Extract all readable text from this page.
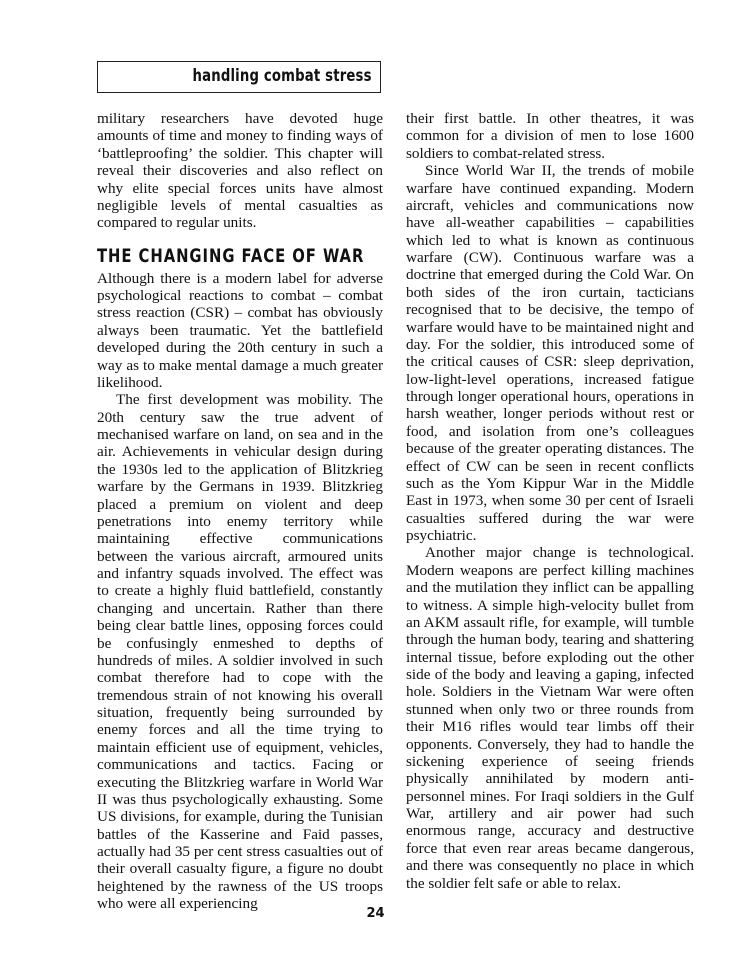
handling combat stress

military researchers have devoted huge amounts of time and money to finding ways of ‘battleproofing’ the soldier. This chapter will reveal their discoveries and also reflect on why elite special forces units have almost negligible levels of mental casualties as compared to regular units.

THE CHANGING FACE OF WAR

Although there is a modern label for adverse psychological reactions to combat – combat stress reaction (CSR) – combat has obviously always been traumatic. Yet the battlefield developed during the 20th century in such a way as to make mental damage a much greater likelihood.

The first development was mobility. The 20th century saw the true advent of mechanised warfare on land, on sea and in the air. Achievements in vehicular design during the 1930s led to the application of Blitzkrieg warfare by the Germans in 1939. Blitzkrieg placed a premium on violent and deep penetrations into enemy territory while maintaining effective communications between the various aircraft, armoured units and infantry squads involved. The effect was to create a highly fluid battlefield, constantly changing and uncertain. Rather than there being clear battle lines, opposing forces could be confusingly enmeshed to depths of hundreds of miles. A soldier involved in such combat therefore had to cope with the tremendous strain of not knowing his overall situation, frequently being surrounded by enemy forces and all the time trying to maintain efficient use of equipment, vehicles, communications and tactics. Facing or executing the Blitzkrieg warfare in World War II was thus psychologically exhausting. Some US divisions, for example, during the Tunisian battles of the Kasserine and Faid passes, actually had 35 per cent stress casualties out of their overall casualty figure, a figure no doubt heightened by the rawness of the US troops who were all experiencing

their first battle. In other theatres, it was common for a division of men to lose 1600 soldiers to combat-related stress.

Since World War II, the trends of mobile warfare have continued expanding. Modern aircraft, vehicles and communications now have all-weather capabilities – capabilities which led to what is known as continuous warfare (CW). Continuous warfare was a doctrine that emerged during the Cold War. On both sides of the iron curtain, tacticians recognised that to be decisive, the tempo of warfare would have to be maintained night and day. For the soldier, this introduced some of the critical causes of CSR: sleep deprivation, low-light-level operations, increased fatigue through longer operational hours, operations in harsh weather, longer periods without rest or food, and isolation from one’s colleagues because of the greater operating distances. The effect of CW can be seen in recent conflicts such as the Yom Kippur War in the Middle East in 1973, when some 30 per cent of Israeli casualties suffered during the war were psychiatric.

Another major change is technological. Modern weapons are perfect killing machines and the mutilation they inflict can be appalling to witness. A simple high-velocity bullet from an AKM assault rifle, for example, will tumble through the human body, tearing and shattering internal tissue, before exploding out the other side of the body and leaving a gaping, infected hole. Soldiers in the Vietnam War were often stunned when only two or three rounds from their M16 rifles would tear limbs off their opponents. Conversely, they had to handle the sickening experience of seeing friends physically annihilated by modern anti-personnel mines. For Iraqi soldiers in the Gulf War, artillery and air power had such enormous range, accuracy and destructive force that even rear areas became dangerous, and there was consequently no place in which the soldier felt safe or able to relax.

24
